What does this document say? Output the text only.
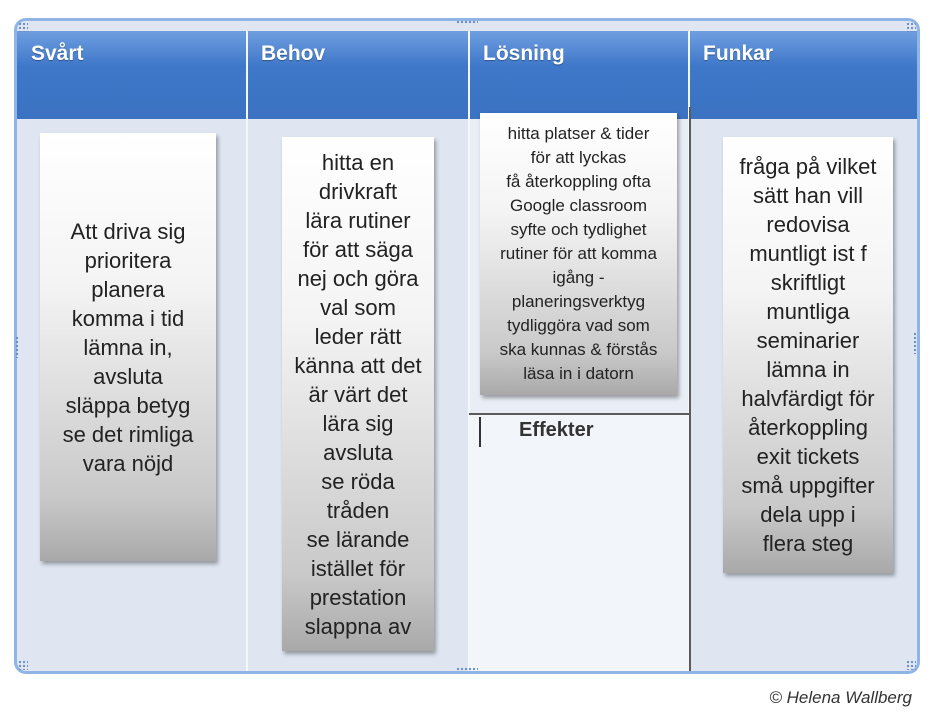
Svårt	Behov	Lösning	Funkar
Effekter
Att driva sig
prioritera
planera
komma i tid
lämna in,
avsluta
släppa betyg
se det rimliga
vara nöjd
hitta en
drivkraft
lära rutiner
för att säga
nej och göra
val som
leder rätt
känna att det
är värt det
lära sig
avsluta
se röda
tråden
se lärande
istället för
prestation
slappna av
hitta platser & tider
för att lyckas
få återkoppling ofta
Google classroom
syfte och tydlighet
rutiner för att komma
igång -
planeringsverktyg
tydliggöra vad som
ska kunnas & förstås
läsa in i datorn
fråga på vilket
sätt han vill
redovisa
muntligt ist f
skriftligt
muntliga
seminarier
lämna in
halvfärdigt för
återkoppling
exit tickets
små uppgifter
dela upp i
flera steg
© Helena Wallberg
